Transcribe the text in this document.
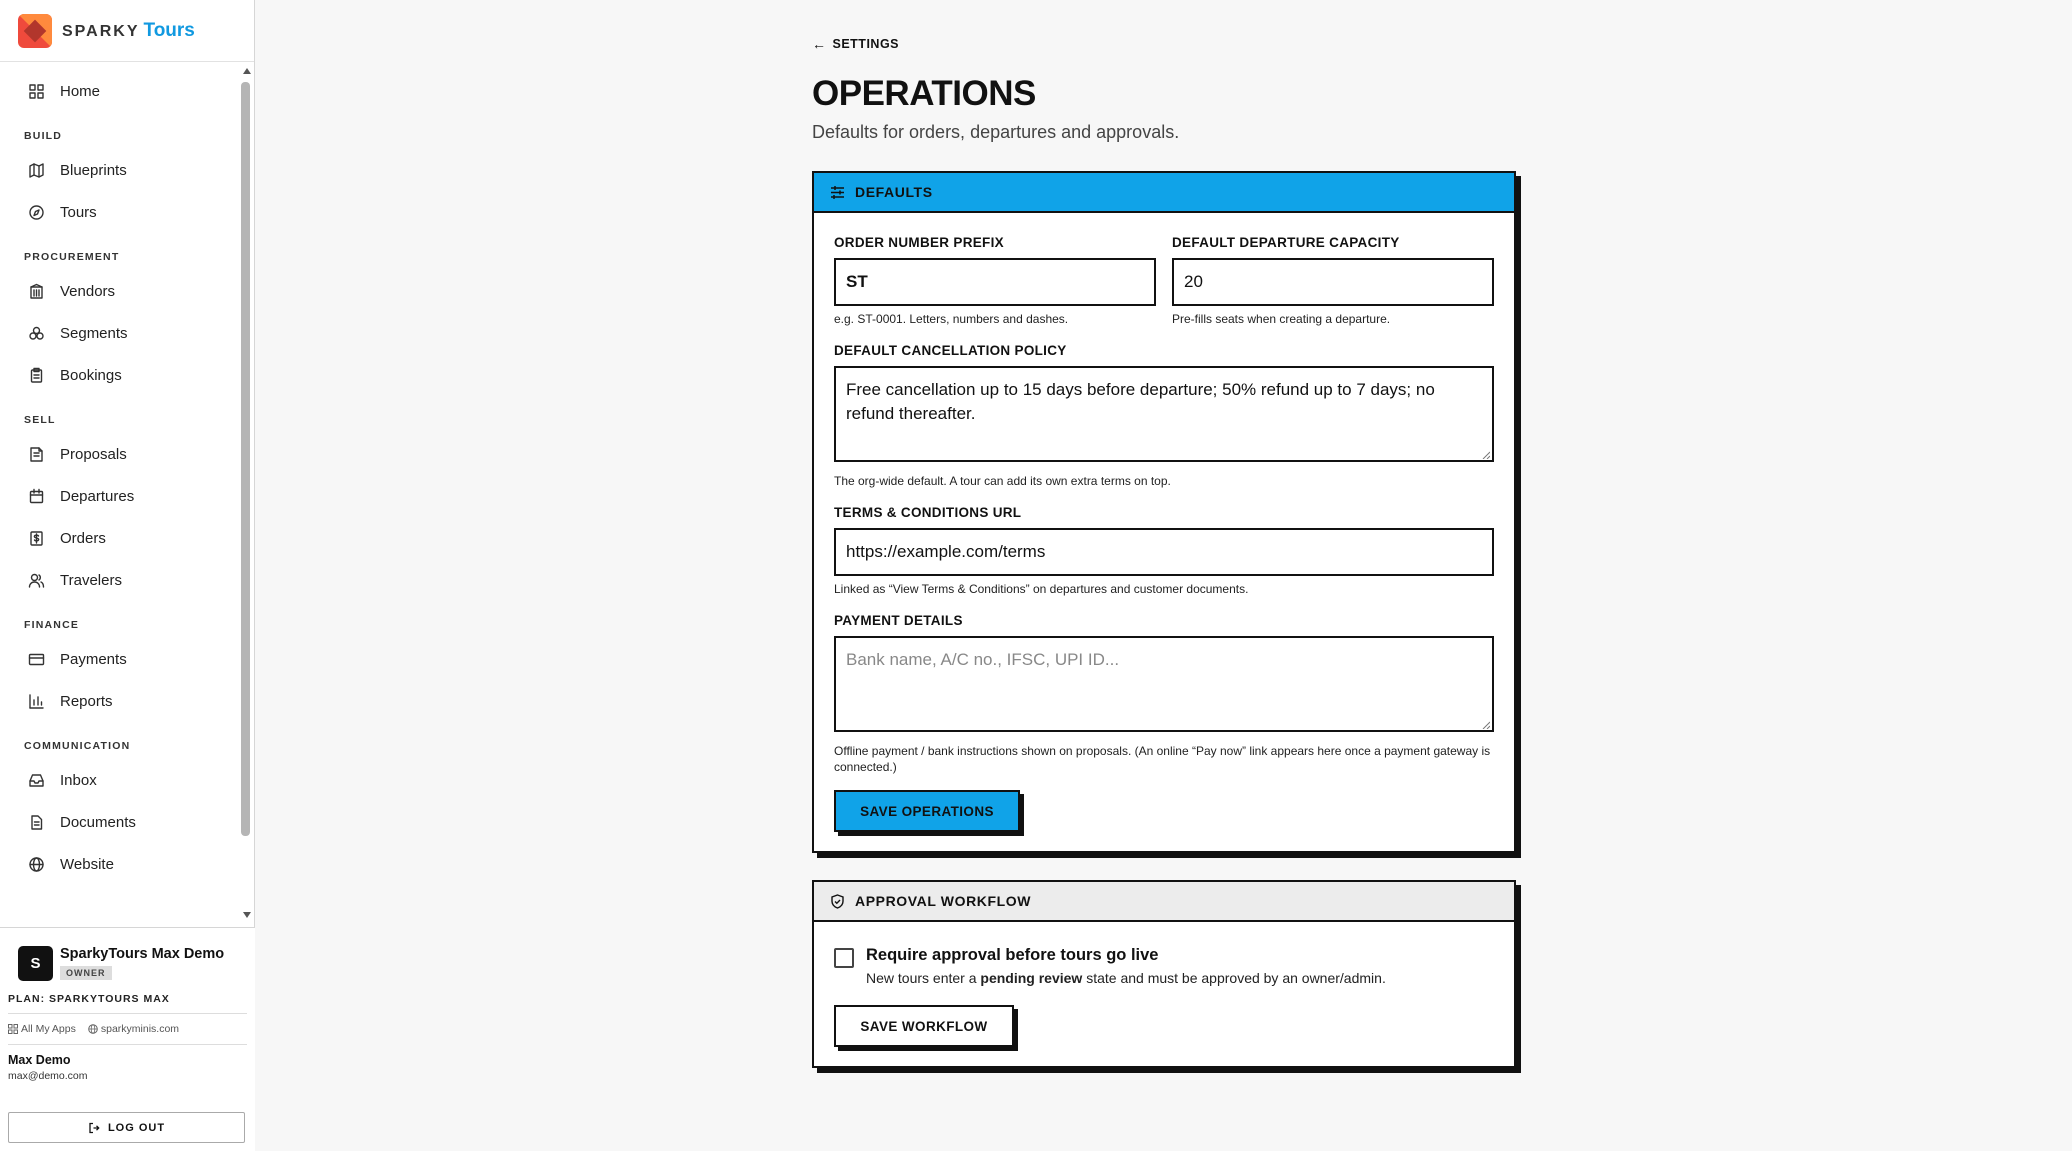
SPARKY Tours
Home
BUILD
Blueprints
Tours
PROCUREMENT
Vendors
Segments
Bookings
SELL
Proposals
Departures
Orders
Travelers
FINANCE
Payments
Reports
COMMUNICATION
Inbox
Documents
Website
S
SparkyTours Max Demo
OWNER
PLAN: SPARKYTOURS MAX
All My Apps sparkyminis.com
Max Demo
max@demo.com
LOG OUT
← SETTINGS
OPERATIONS
Defaults for orders, departures and approvals.
DEFAULTS
ORDER NUMBER PREFIX
ST
e.g. ST-0001. Letters, numbers and dashes.
DEFAULT DEPARTURE CAPACITY
20
Pre-fills seats when creating a departure.
DEFAULT CANCELLATION POLICY
Free cancellation up to 15 days before departure; 50% refund up to 7 days; no refund thereafter.
The org-wide default. A tour can add its own extra terms on top.
TERMS & CONDITIONS URL
https://example.com/terms
Linked as “View Terms & Conditions” on departures and customer documents.
PAYMENT DETAILS
Bank name, A/C no., IFSC, UPI ID...
Offline payment / bank instructions shown on proposals. (An online “Pay now” link appears here once a payment gateway is connected.)
SAVE OPERATIONS
APPROVAL WORKFLOW
Require approval before tours go live
New tours enter a pending review state and must be approved by an owner/admin.
SAVE WORKFLOW
